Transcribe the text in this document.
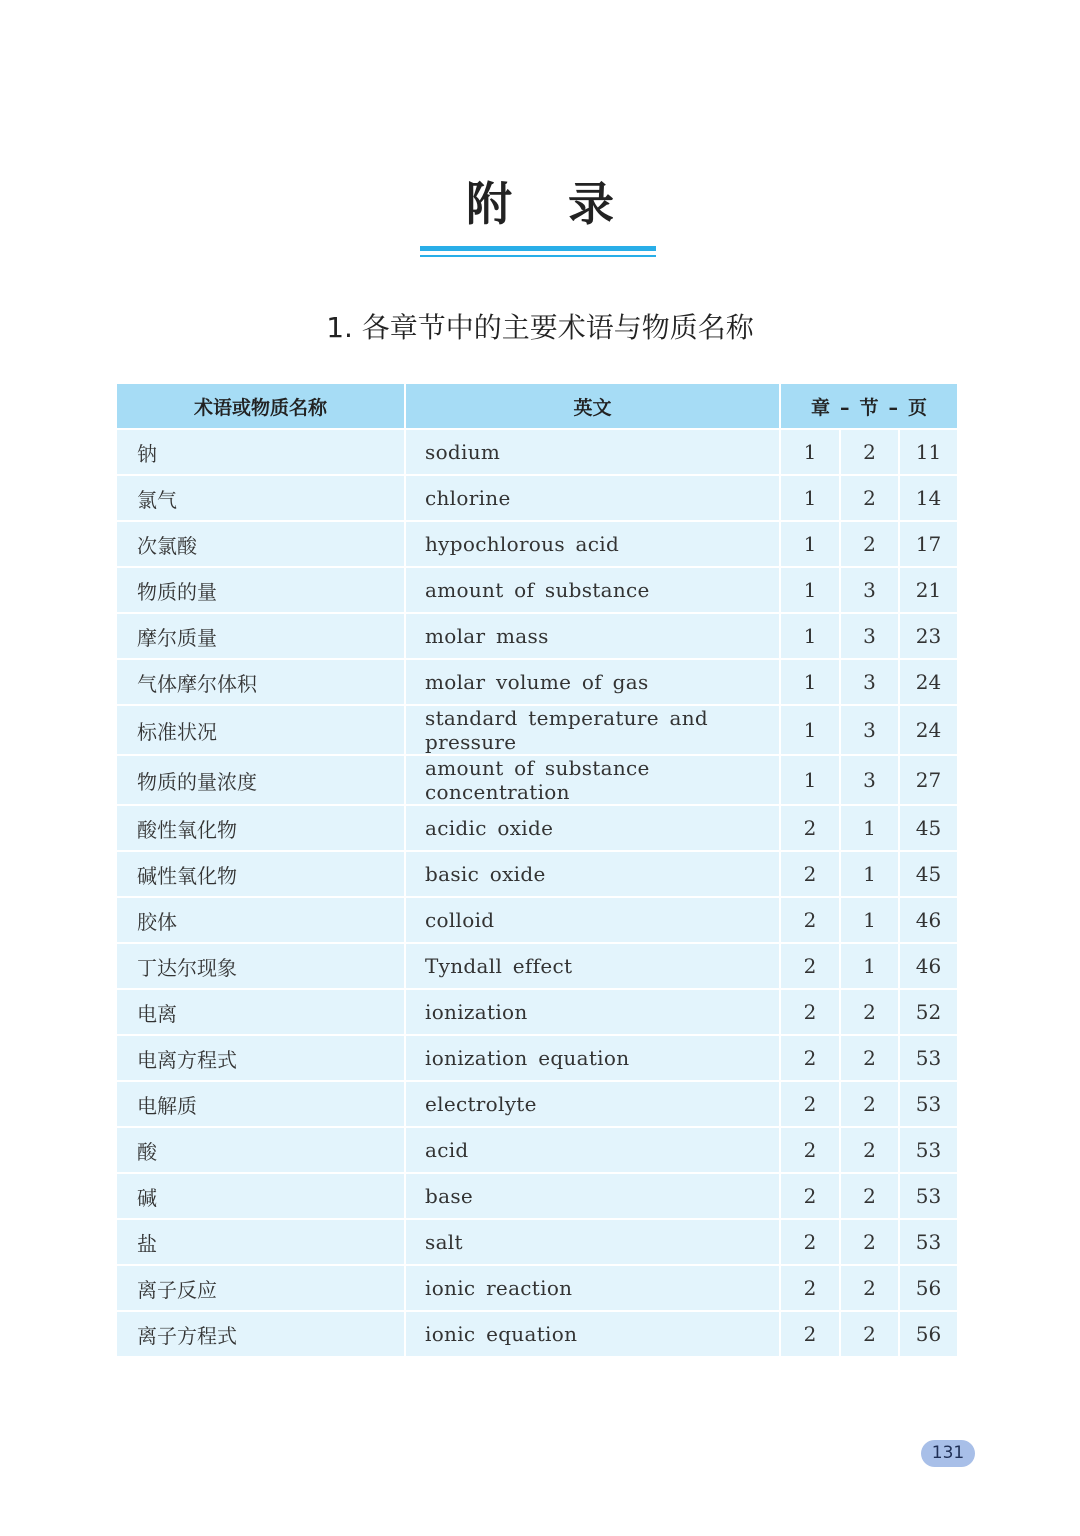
附录
1. 各章节中的主要术语与物质名称
术语或物质名称	英文	章 – 节 – 页		
钠	sodium	1	2	11
氯气	chlorine	1	2	14
次氯酸	hypochlorous acid	1	2	17
物质的量	amount of substance	1	3	21
摩尔质量	molar mass	1	3	23
气体摩尔体积	molar volume of gas	1	3	24
标准状况	standard temperature and pressure	1	3	24
物质的量浓度	amount of substance concentration	1	3	27
酸性氧化物	acidic oxide	2	1	45
碱性氧化物	basic oxide	2	1	45
胶体	colloid	2	1	46
丁达尔现象	Tyndall effect	2	1	46
电离	ionization	2	2	52
电离方程式	ionization equation	2	2	53
电解质	electrolyte	2	2	53
酸	acid	2	2	53
碱	base	2	2	53
盐	salt	2	2	53
离子反应	ionic reaction	2	2	56
离子方程式	ionic equation	2	2	56
131
